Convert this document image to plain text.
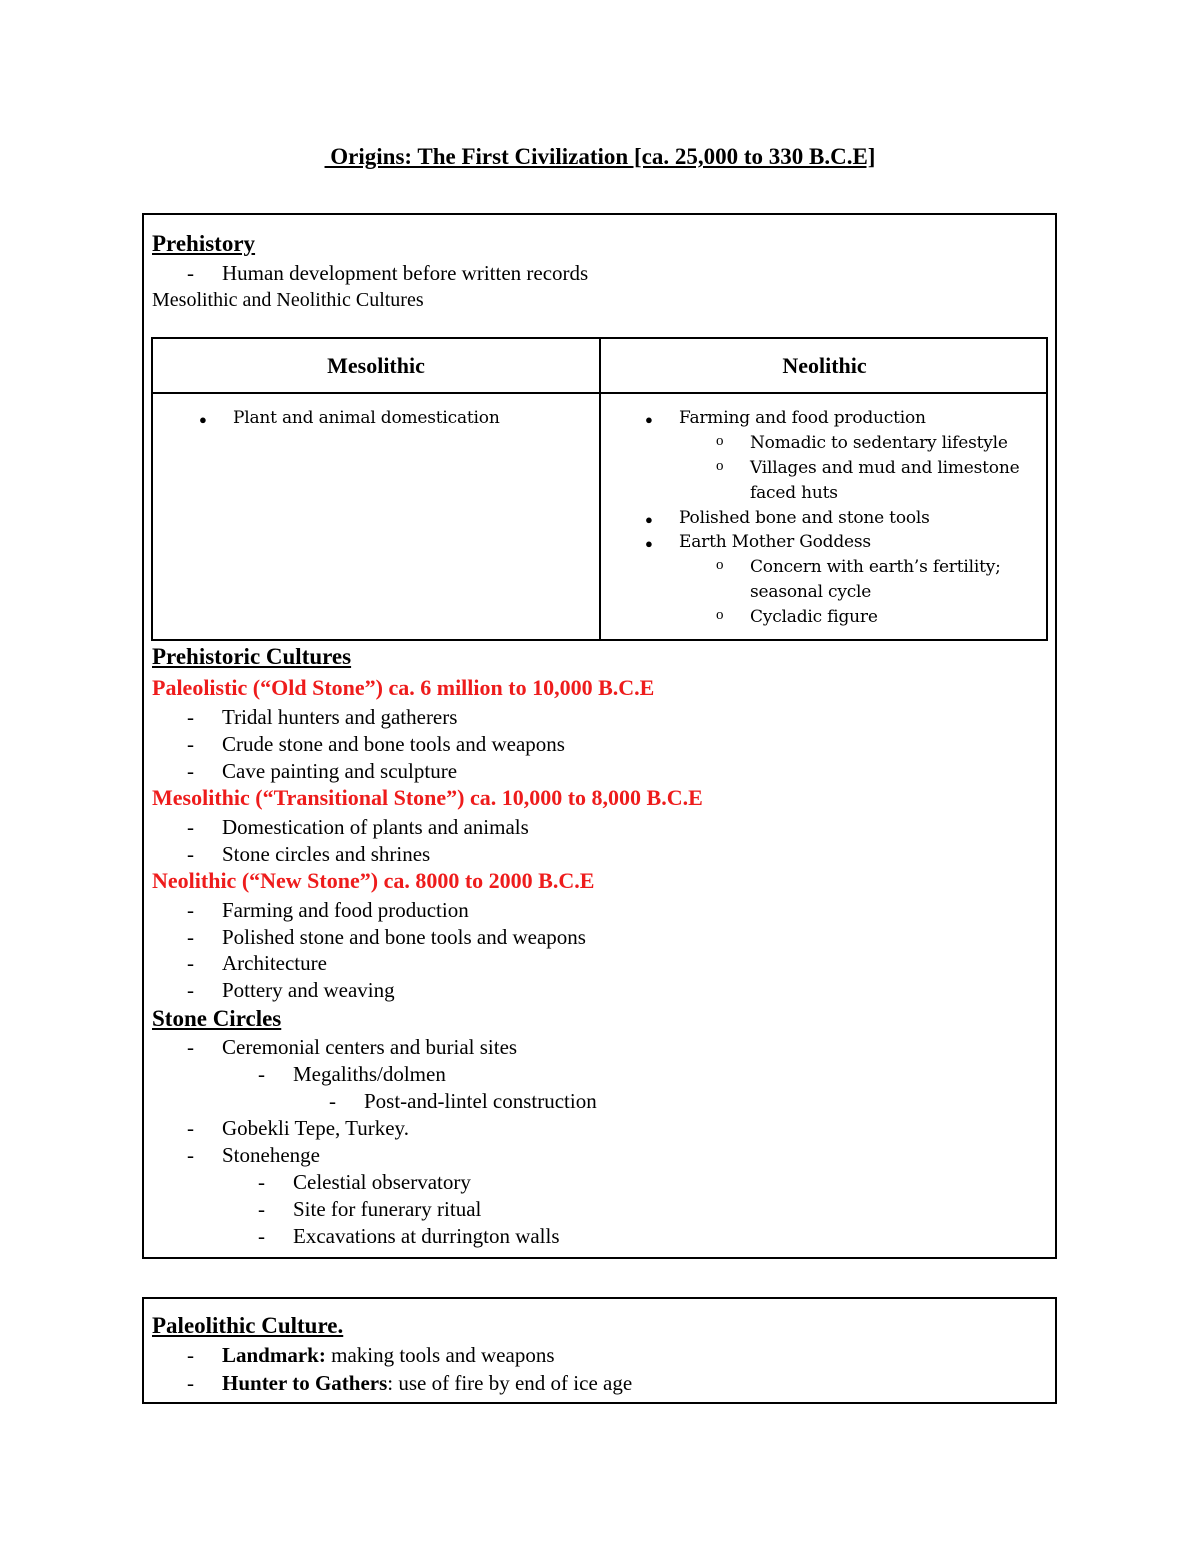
Origins: The First Civilization [ca. 25,000 to 330 B.C.E]
Prehistory
- Human development before written records
Mesolithic and Neolithic Cultures
Mesolithic	Neolithic
● Plant and animal domestication	● Farming and food production
o Nomadic to sedentary lifestyle
o Villages and mud and limestone
faced huts
● Polished bone and stone tools
● Earth Mother Goddess
o Concern with earth’s fertility;
seasonal cycle
o Cycladic figure
Prehistoric Cultures
Paleolistic (“Old Stone”) ca. 6 million to 10,000 B.C.E
- Tridal hunters and gatherers
- Crude stone and bone tools and weapons
- Cave painting and sculpture
Mesolithic (“Transitional Stone”) ca. 10,000 to 8,000 B.C.E
- Domestication of plants and animals
- Stone circles and shrines
Neolithic (“New Stone”) ca. 8000 to 2000 B.C.E
- Farming and food production
- Polished stone and bone tools and weapons
- Architecture
- Pottery and weaving
Stone Circles
- Ceremonial centers and burial sites
- Megaliths/dolmen
- Post-and-lintel construction
- Gobekli Tepe, Turkey.
- Stonehenge
- Celestial observatory
- Site for funerary ritual
- Excavations at durrington walls
Paleolithic Culture.
- Landmark: making tools and weapons
- Hunter to Gathers: use of fire by end of ice age
